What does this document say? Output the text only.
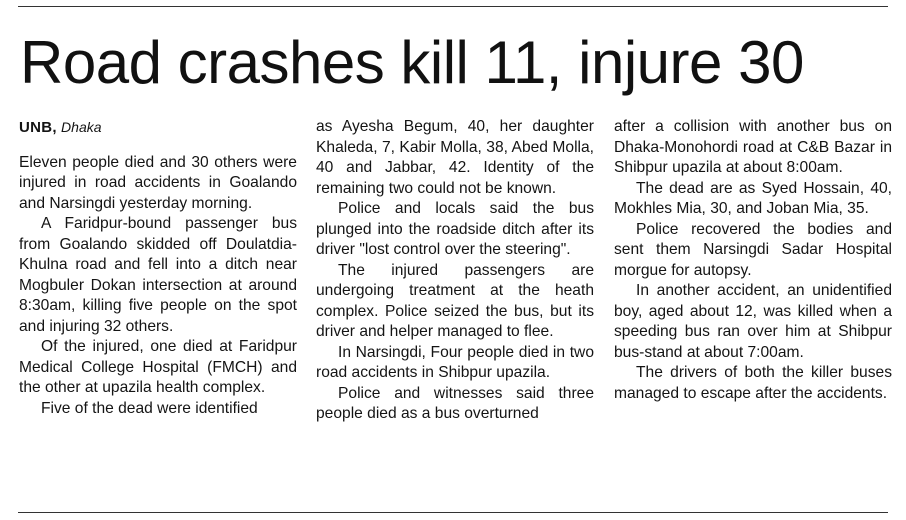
Road crashes kill 11, injure 30
UNB, Dhaka

Eleven people died and 30 others were injured in road accidents in Goalando and Narsingdi yesterday morning.

A Faridpur-bound passenger bus from Goalando skidded off Doulatdia-Khulna road and fell into a ditch near Mogbuler Dokan intersection at around 8:30am, killing five people on the spot and injuring 32 others.

Of the injured, one died at Faridpur Medical College Hospital (FMCH) and the other at upazila health complex.

Five of the dead were identified

as Ayesha Begum, 40, her daughter Khaleda, 7, Kabir Molla, 38, Abed Molla, 40 and Jabbar, 42. Identity of the remaining two could not be known.

Police and locals said the bus plunged into the roadside ditch after its driver "lost control over the steering".

The injured passengers are undergoing treatment at the heath complex. Police seized the bus, but its driver and helper managed to flee.

In Narsingdi, Four people died in two road accidents in Shibpur upazila.

Police and witnesses said three people died as a bus overturned

after a collision with another bus on Dhaka-Monohordi road at C&B Bazar in Shibpur upazila at about 8:00am.

The dead are as Syed Hossain, 40, Mokhles Mia, 30, and Joban Mia, 35.

Police recovered the bodies and sent them Narsingdi Sadar Hospital morgue for autopsy.

In another accident, an unidentified boy, aged about 12, was killed when a speeding bus ran over him at Shibpur bus-stand at about 7:00am.

The drivers of both the killer buses managed to escape after the accidents.
